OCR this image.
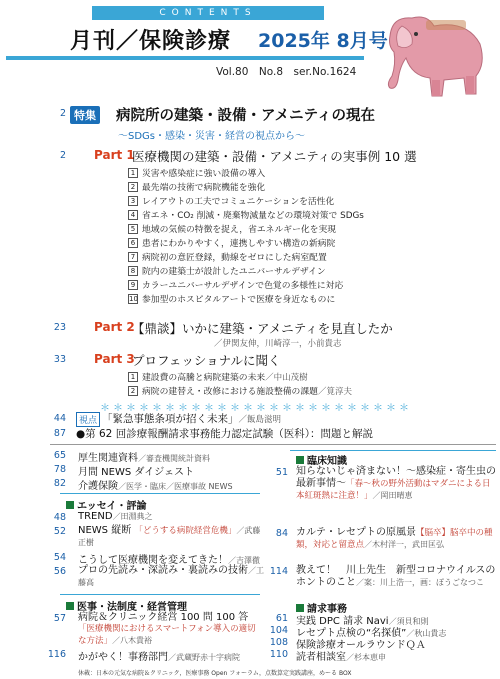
CONTENTS
月刊／保険診療 2025年 8月号
Vol.80　No.8　ser.No.1624
2 特集 病院所の建築・設備・アメニティの現在
～SDGs・感染・災害・経営の視点から～
2 Part 1
医療機関の建築・設備・アメニティの実事例 10 選
1 災害や感染症に強い設備の導入
2 最先端の技術で病院機能を強化
3 レイアウトの工夫でコミュニケーションを活性化
4 省エネ・CO₂ 削減・廃棄物減量などの環境対策で SDGs
5 地域の気候の特徴を捉え，省エネルギー化を実現
6 患者にわかりやすく，連携しやすい構造の新病院
7 病院初の意匠登録，動線をゼロにした病室配置
8 院内の建築士が設計したユニバーサルデザイン
9 カラーユニバーサルデザインで色覚の多様性に対応
10 参加型のホスピタルアートで医療を身近なものに
23 Part 2
【鼎談】いかに建築・アメニティを見直したか
／伊関友伸，川崎淳一，小前貴志
33 Part 3
プロフェッショナルに聞く
1 建設費の高騰と病院建築の未来／中山茂樹
2 病院の建替え・改修における施設整備の課題／筧淳夫
＊＊＊＊＊＊＊＊＊＊＊＊＊＊＊＊＊＊＊＊＊＊＊＊
44	視点 「緊急事態条項が招く未来」／飯島滋明
87 ●第 62 回診療報酬請求事務能力認定試験（医科）：問題と解説
65 厚生関連資料／審査機関統計資料
78 月間 NEWS ダイジェスト
82 介護保険／医学・臨床／医療事故 NEWS
エッセイ・評論
48 TREND／田淵典之
52 NEWS 縦断 「どうする病院経営危機」／武藤正樹
54 こうして医療機関を変えてきた！／吉澤徹
56 プロの先読み・深読み・裏読みの技術／工藤高
医事・法制度・経営管理
57 病院＆クリニック経営 100 問 100 答「医療機関におけるスマートフォン導入の適切な方法」／八木貴裕
116 かがやく！事務部門／武蔵野赤十字病院
臨床知識
51 知らないじゃ済まない！～感染症・寄生虫の最新事情～「春～秋の野外活動はマダニによる日本紅斑熱に注意！」／岡田晴恵
84 カルテ・レセプトの原風景【脳卒】脳卒中の種類，対応と留意点／木村洋一，武田匡弘
114 教えて！　川上先生　新型コロナウイルスのホントのこと／案：川上浩一，画：ぽうごなつこ
請求事務
61 実践 DPC 請求 Navi／須貝和則
104 レセプト点検の“名探偵”／秋山貴志
108 保険診療オールラウンドＱＡ
110 読者相談室／杉本恵申
休載：日本の元気な病院＆クリニック，医療事務 Open フォーラム，点数算定実践講座，めーる BOX
